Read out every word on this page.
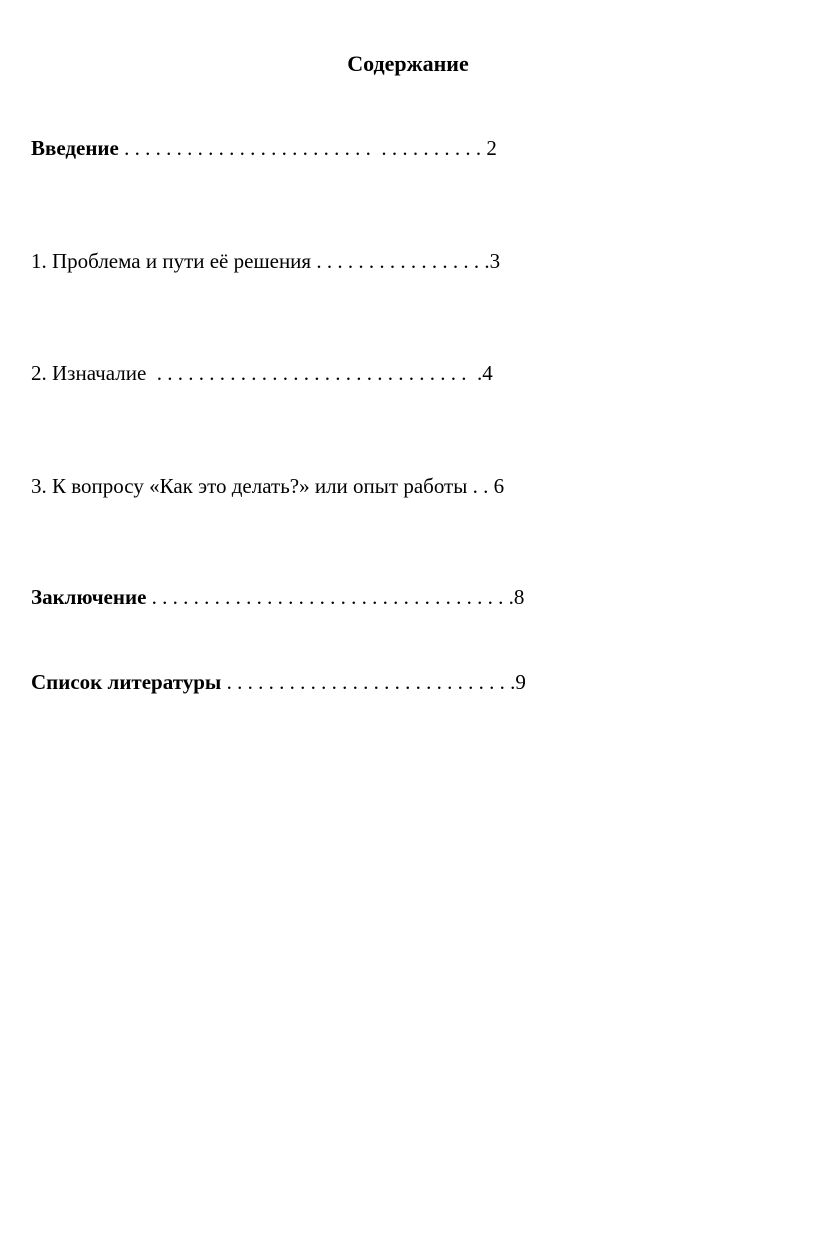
Содержание

Введение . . . . . . . . . . . . . . . . . . . . . . . .  . . . . . . . . . . 2

1. Проблема и пути её решения . . . . . . . . . . . . . . . . .3

2. Изначалие  . . . . . . . . . . . . . . . . . . . . . . . . . . . . . .  .4

3. К вопросу «Как это делать?» или опыт работы . . 6

Заключение . . . . . . . . . . . . . . . . . . . . . . . . . . . . . . . . . . .8

Список литературы . . . . . . . . . . . . . . . . . . . . . . . . . . . .9
